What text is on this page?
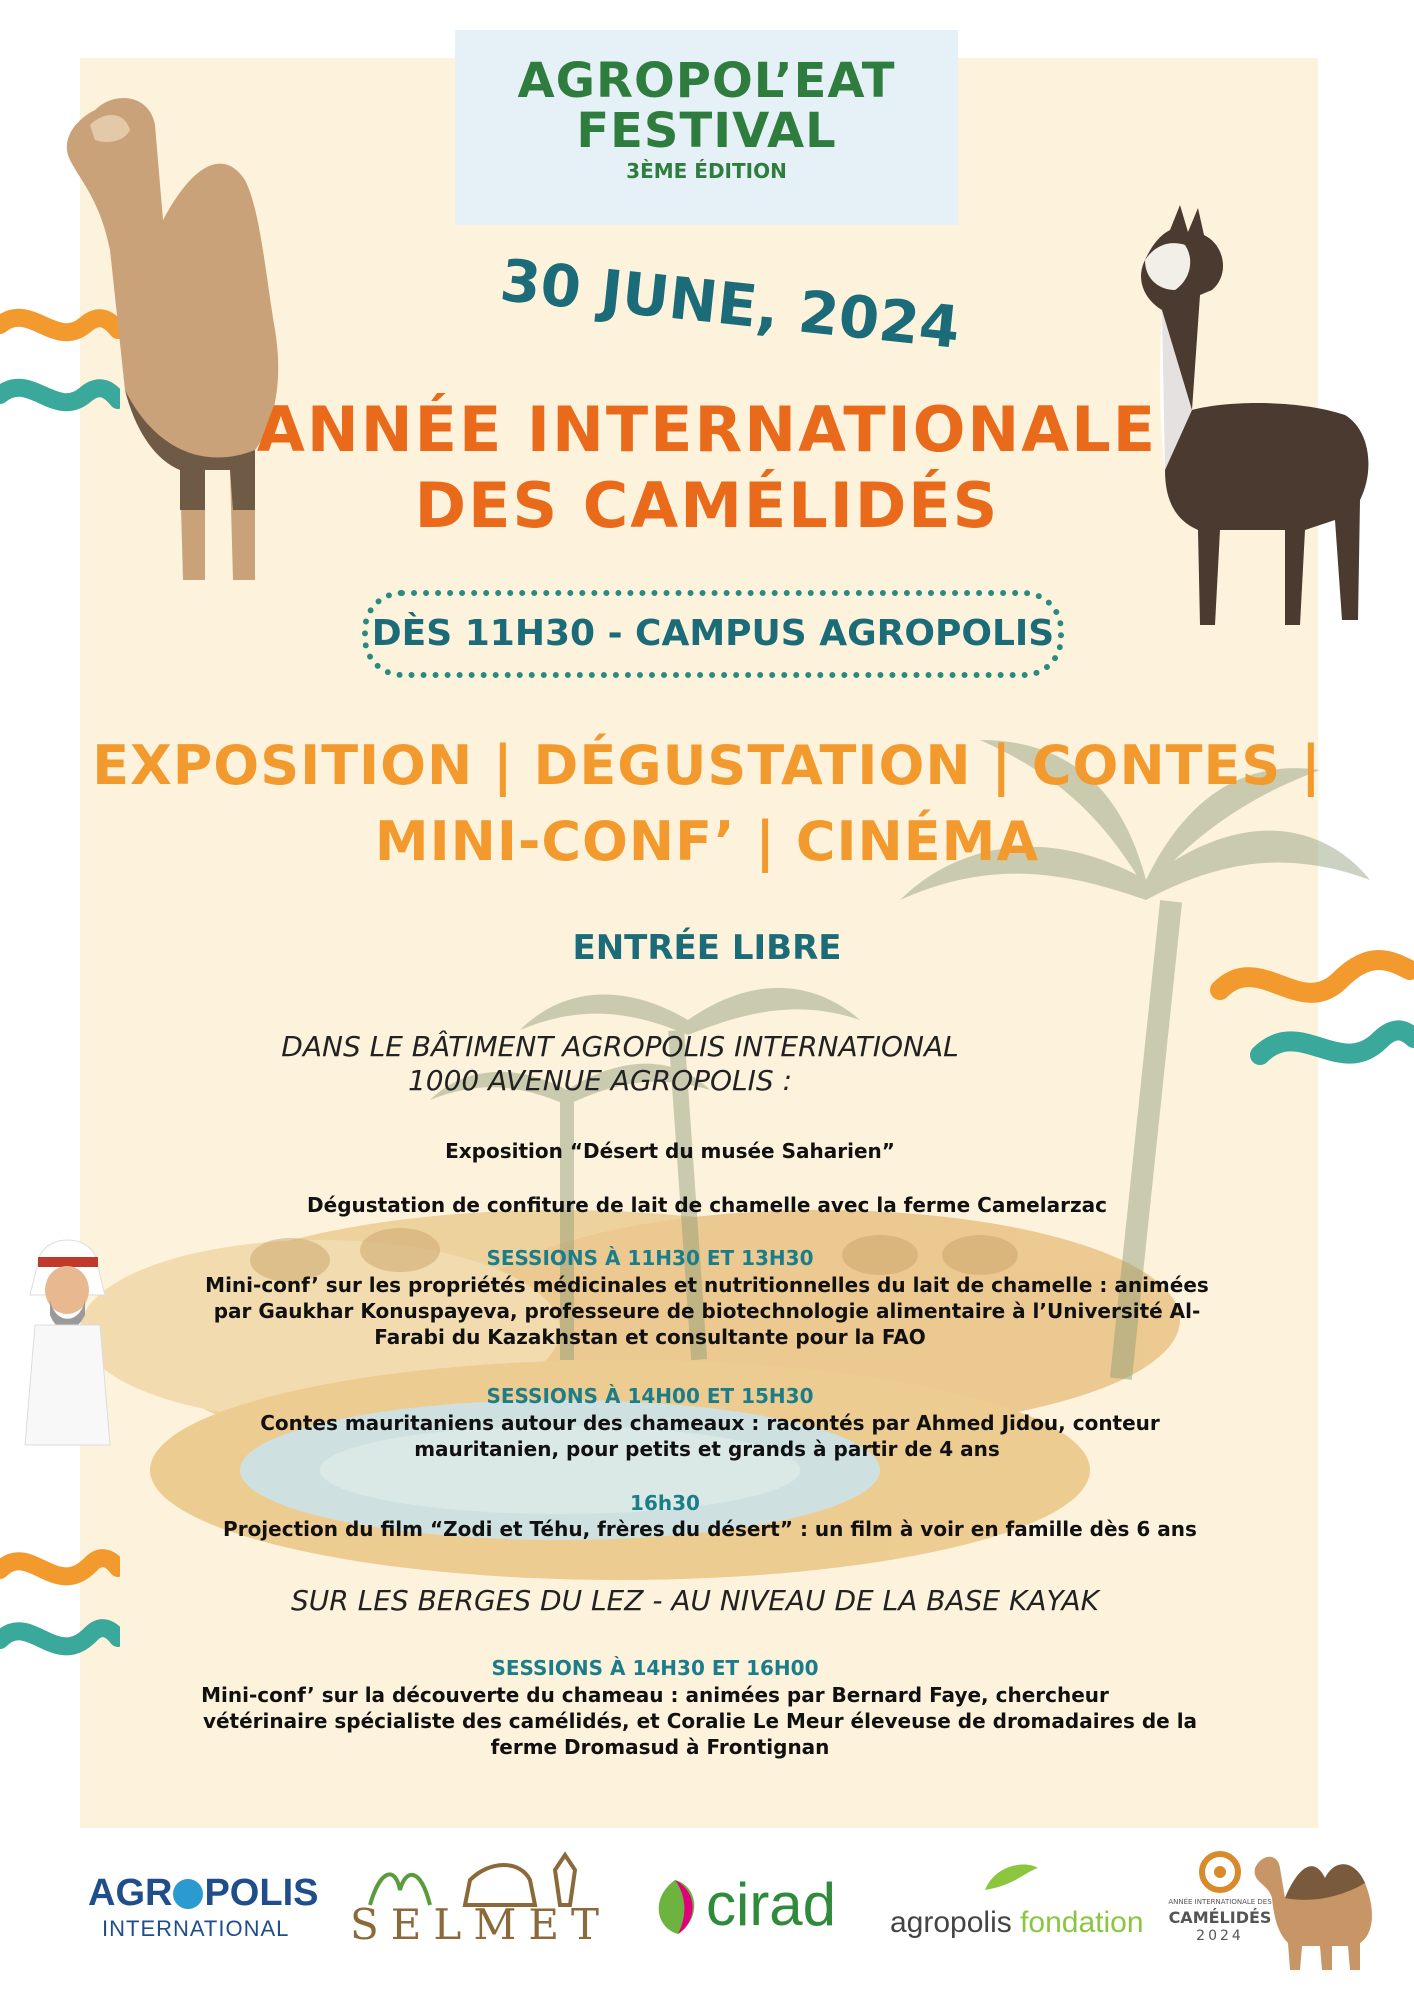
AGROPOL’EAT
FESTIVAL
3ÈME ÉDITION
30 JUNE, 2024
ANNÉE INTERNATIONALE
DES CAMÉLIDÉS
DÈS 11H30 - CAMPUS AGROPOLIS
EXPOSITION | DÉGUSTATION | CONTES |
MINI-CONF’ | CINÉMA
ENTRÉE LIBRE
DANS LE BÂTIMENT AGROPOLIS INTERNATIONAL
1000 AVENUE AGROPOLIS :
Exposition “Désert du musée Saharien”
Dégustation de confiture de lait de chamelle avec la ferme Camelarzac
SESSIONS À 11H30 ET 13H30
Mini-conf’ sur les propriétés médicinales et nutritionnelles du lait de chamelle : animées
par Gaukhar Konuspayeva, professeure de biotechnologie alimentaire à l’Université Al-
Farabi du Kazakhstan et consultante pour la FAO
SESSIONS À 14H00 ET 15H30
Contes mauritaniens autour des chameaux : racontés par Ahmed Jidou, conteur
mauritanien, pour petits et grands à partir de 4 ans
16h30
Projection du film “Zodi et Téhu, frères du désert” : un film à voir en famille dès 6 ans
SUR LES BERGES DU LEZ - AU NIVEAU DE LA BASE KAYAK
SESSIONS À 14H30 ET 16H00
Mini-conf’ sur la découverte du chameau : animées par Bernard Faye, chercheur
vétérinaire spécialiste des camélidés, et Coralie Le Meur éleveuse de dromadaires de la
ferme Dromasud à Frontignan
AGR POLIS
INTERNATIONAL SELMET cirad agropolis fondation
ANNÉE INTERNATIONALE DES
CAMÉLIDÉS
2024
